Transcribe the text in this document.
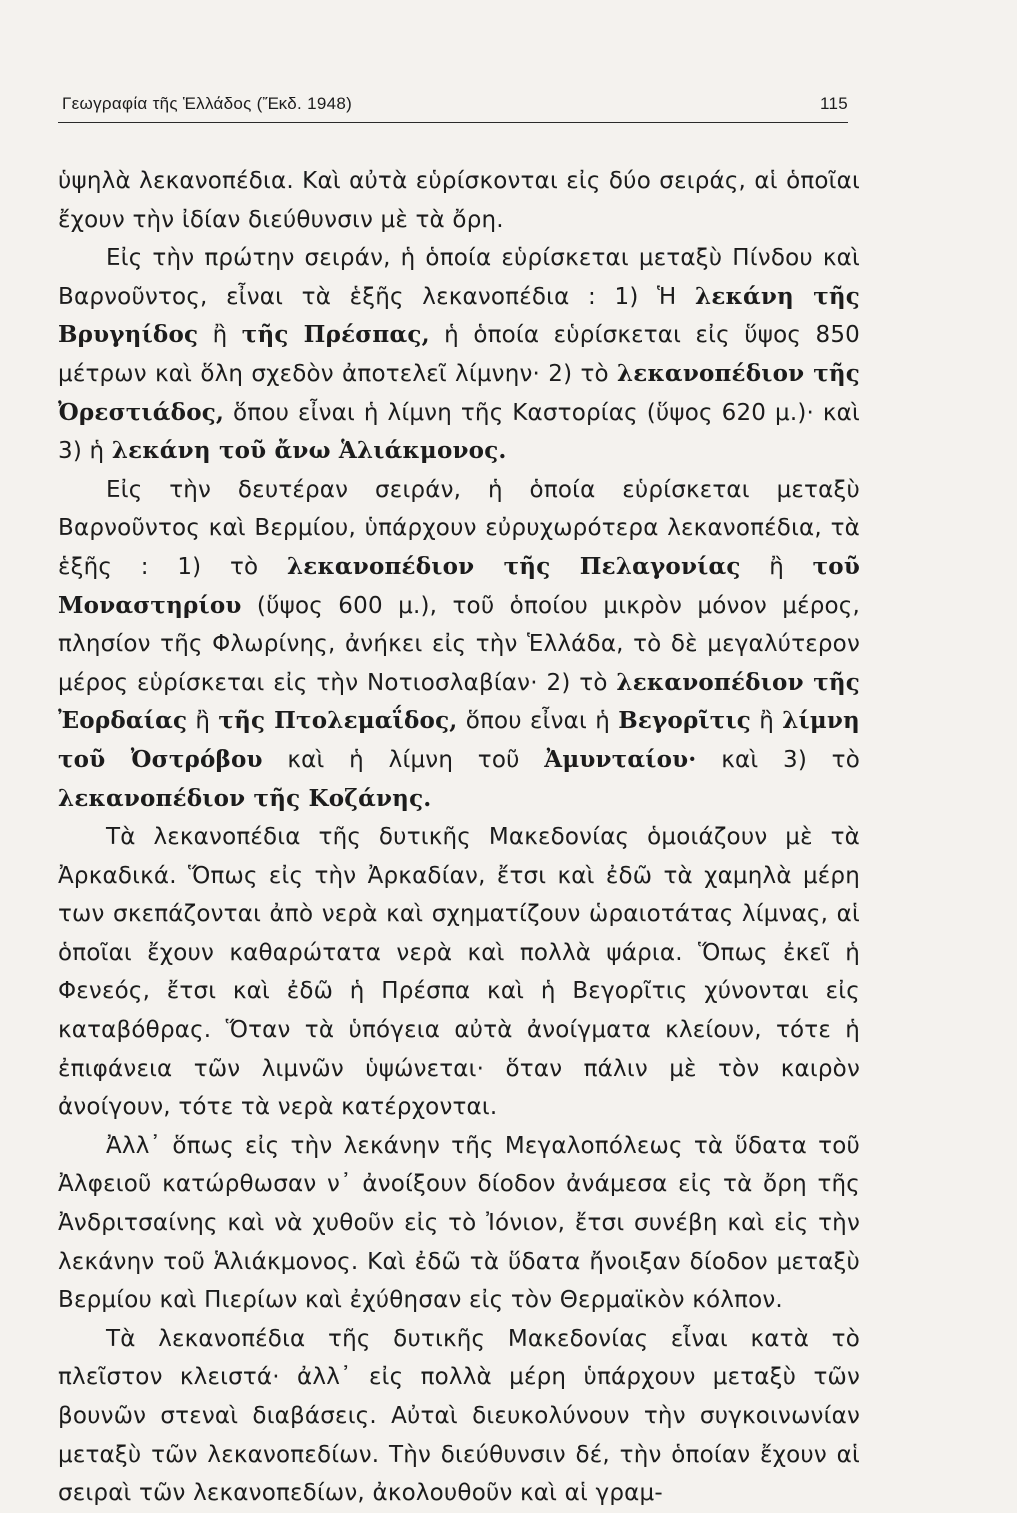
Γεωγραφία τῆς Ἑλλάδος (Ἔκδ. 1948)	115

ὑψηλὰ λεκανοπέδια. Καὶ αὐτὰ εὑρίσκονται εἰς δύο σειράς, αἱ ὁποῖαι ἔχουν τὴν ἰδίαν διεύθυνσιν μὲ τὰ ὄρη.

Εἰς τὴν πρώτην σειράν, ἡ ὁποία εὑρίσκεται μεταξὺ Πίνδου καὶ Βαρνοῦντος, εἶναι τὰ ἑξῆς λεκανοπέδια : 1) Ἡ λεκάνη τῆς Βρυγηίδος ἢ τῆς Πρέσπας, ἡ ὁποία εὑρίσκεται εἰς ὕψος 850 μέτρων καὶ ὅλη σχεδὸν ἀποτελεῖ λίμνην· 2) τὸ λεκανοπέδιον τῆς Ὀρεστιάδος, ὅπου εἶναι ἡ λίμνη τῆς Καστορίας (ὕψος 620 μ.)· καὶ 3) ἡ λεκάνη τοῦ ἄνω Ἁλιάκμονος.

Εἰς τὴν δευτέραν σειράν, ἡ ὁποία εὑρίσκεται μεταξὺ Βαρνοῦντος καὶ Βερμίου, ὑπάρχουν εὐρυχωρότερα λεκανοπέδια, τὰ ἑξῆς : 1) τὸ λεκανοπέδιον τῆς Πελαγονίας ἢ τοῦ Μοναστηρίου (ὕψος 600 μ.), τοῦ ὁποίου μικρὸν μόνον μέρος, πλησίον τῆς Φλωρίνης, ἀνήκει εἰς τὴν Ἑλλάδα, τὸ δὲ μεγαλύτερον μέρος εὑρίσκεται εἰς τὴν Νοτιοσλαβίαν· 2) τὸ λεκανοπέδιον τῆς Ἐορδαίας ἢ τῆς Πτολεμαΐδος, ὅπου εἶναι ἡ Βεγορῖτις ἢ λίμνη τοῦ Ὀστρόβου καὶ ἡ λίμνη τοῦ Ἀμυνταίου· καὶ 3) τὸ λεκανοπέδιον τῆς Κοζάνης.

Τὰ λεκανοπέδια τῆς δυτικῆς Μακεδονίας ὁμοιάζουν μὲ τὰ Ἀρκαδικά. Ὅπως εἰς τὴν Ἀρκαδίαν, ἔτσι καὶ ἐδῶ τὰ χαμηλὰ μέρη των σκεπάζονται ἀπὸ νερὰ καὶ σχηματίζουν ὡραιοτάτας λίμνας, αἱ ὁποῖαι ἔχουν καθαρώτατα νερὰ καὶ πολλὰ ψάρια. Ὅπως ἐκεῖ ἡ Φενεός, ἔτσι καὶ ἐδῶ ἡ Πρέσπα καὶ ἡ Βεγορῖτις χύνονται εἰς καταβόθρας. Ὅταν τὰ ὑπόγεια αὐτὰ ἀνοίγματα κλείουν, τότε ἡ ἐπιφάνεια τῶν λιμνῶν ὑψώνεται· ὅταν πάλιν μὲ τὸν καιρὸν ἀνοίγουν, τότε τὰ νερὰ κατέρχονται.

Ἀλλ᾽ ὅπως εἰς τὴν λεκάνην τῆς Μεγαλοπόλεως τὰ ὕδατα τοῦ Ἀλφειοῦ κατώρθωσαν ν᾽ ἀνοίξουν δίοδον ἀνάμεσα εἰς τὰ ὄρη τῆς Ἀνδριτσαίνης καὶ νὰ χυθοῦν εἰς τὸ Ἰόνιον, ἔτσι συνέβη καὶ εἰς τὴν λεκάνην τοῦ Ἁλιάκμονος. Καὶ ἐδῶ τὰ ὕδατα ἤνοιξαν δίοδον μεταξὺ Βερμίου καὶ Πιερίων καὶ ἐχύθησαν εἰς τὸν Θερμαϊκὸν κόλπον.

Τὰ λεκανοπέδια τῆς δυτικῆς Μακεδονίας εἶναι κατὰ τὸ πλεῖστον κλειστά· ἀλλ᾽ εἰς πολλὰ μέρη ὑπάρχουν μεταξὺ τῶν βουνῶν στεναὶ διαβάσεις. Αὐταὶ διευκολύνουν τὴν συγκοινωνίαν μεταξὺ τῶν λεκανοπεδίων. Τὴν διεύθυνσιν δέ, τὴν ὁποίαν ἔχουν αἱ σειραὶ τῶν λεκανοπεδίων, ἀκολουθοῦν καὶ αἱ γραμ-
